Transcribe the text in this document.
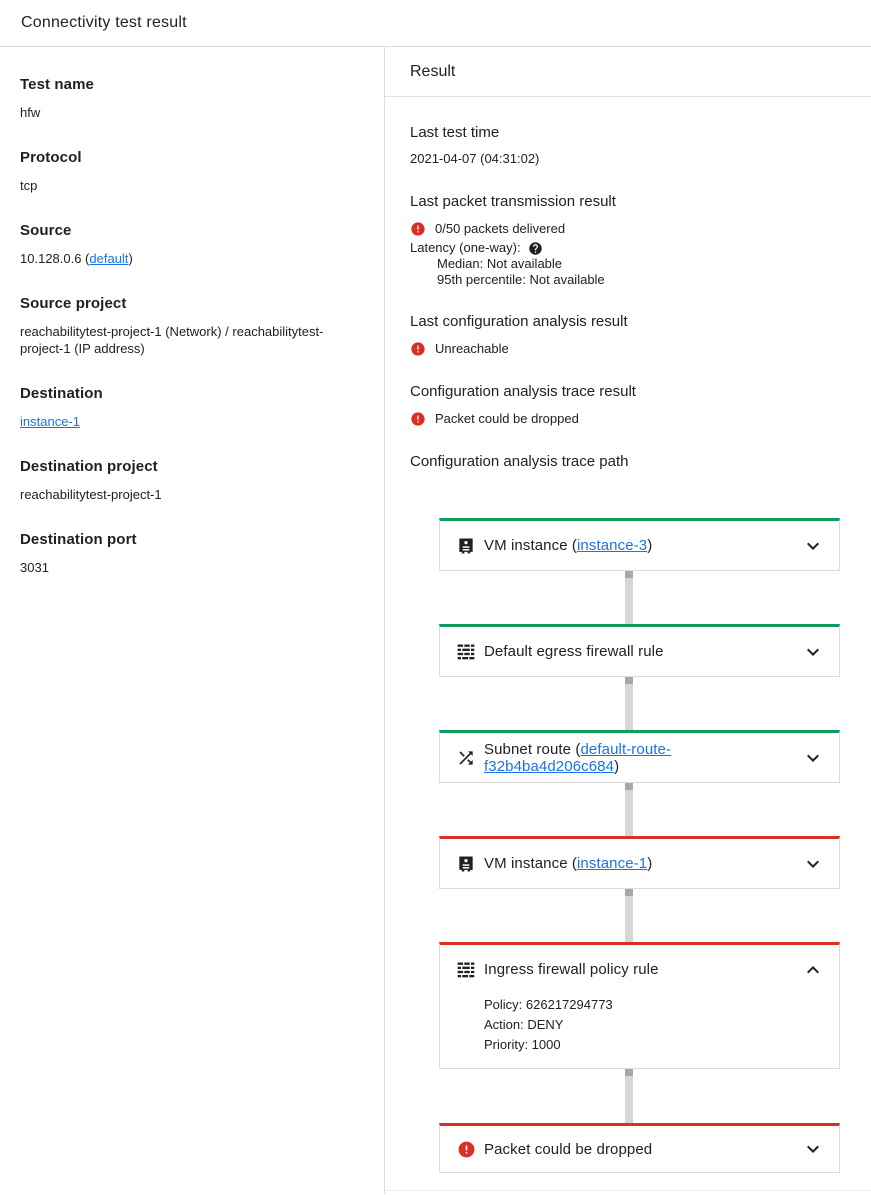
Connectivity test result
Test name
hfw
Protocol
tcp
Source
10.128.0.6 (default)
Source project
reachabilitytest-project-1 (Network) / reachabilitytest-project-1 (IP address)
Destination
instance-1
Destination project
reachabilitytest-project-1
Destination port
3031
Result
Last test time
2021-04-07 (04:31:02)
Last packet transmission result
0/50 packets delivered
Latency (one-way):
Median: Not available
95th percentile: Not available
Last configuration analysis result
Unreachable
Configuration analysis trace result
Packet could be dropped
Configuration analysis trace path
VM instance (instance-3)
Default egress firewall rule
Subnet route (default-route-f32b4ba4d206c684)
VM instance (instance-1)
Ingress firewall policy rule
Policy: 626217294773
Action: DENY
Priority: 1000
Packet could be dropped
